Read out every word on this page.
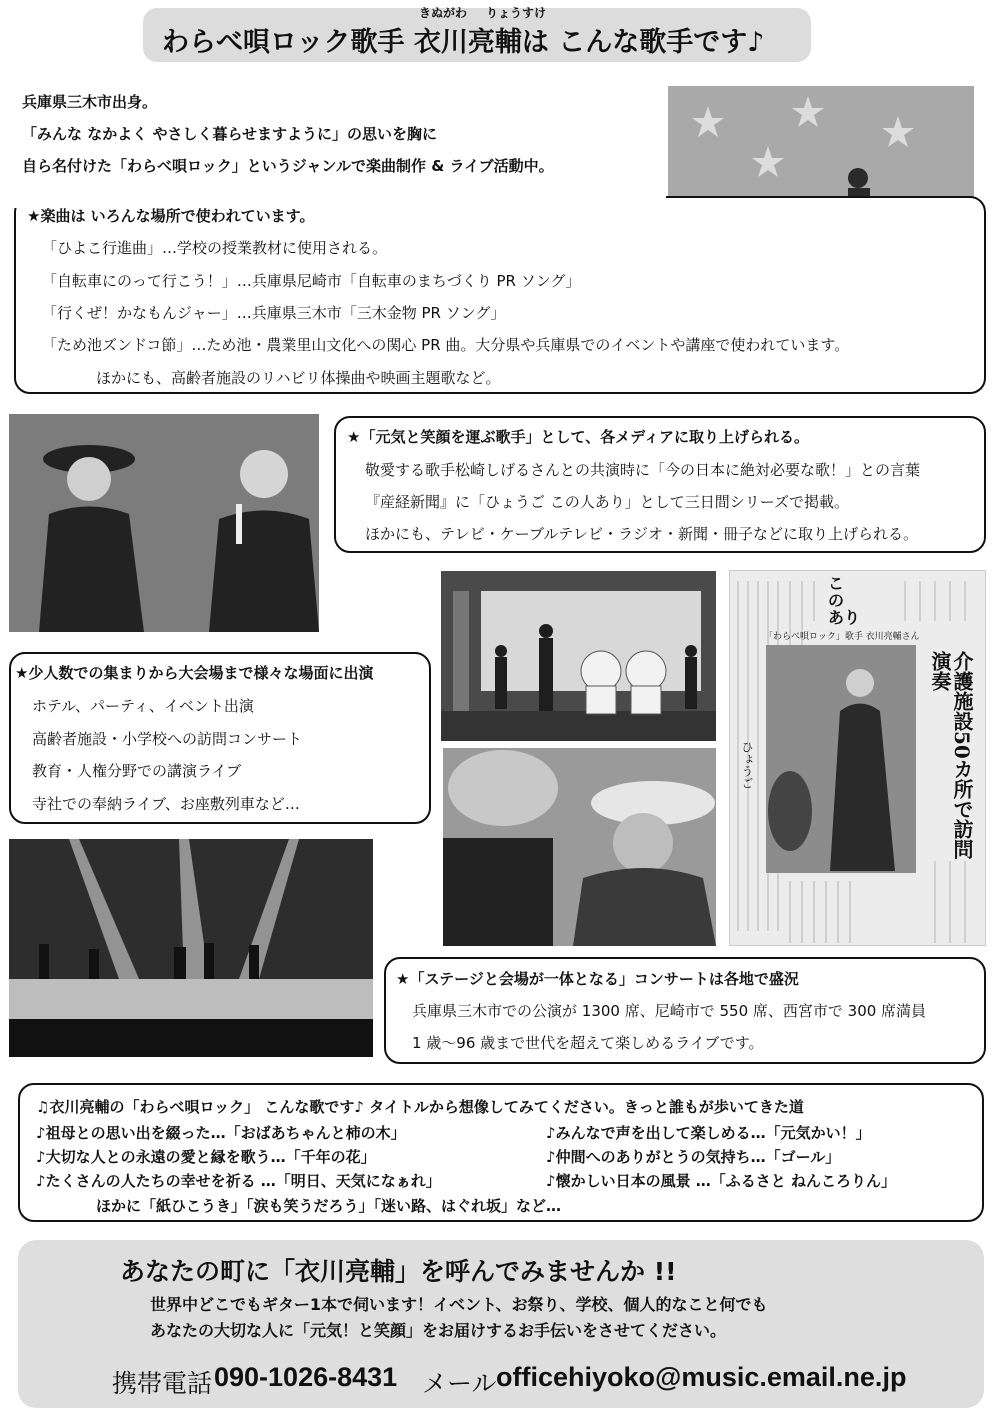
きぬがわ りょうすけ
わらべ唄ロック歌手 衣川亮輔は こんな歌手です♪
兵庫県三木市出身。
「みんな なかよく やさしく暮らせますように」の思いを胸に
自ら名付けた「わらべ唄ロック」というジャンルで楽曲制作 & ライブ活動中。
★楽曲は いろんな場所で使われています。
「ひよこ行進曲」…学校の授業教材に使用される。
「自転車にのって行こう！」…兵庫県尼崎市「自転車のまちづくり PR ソング」
「行くぜ！かなもんジャー」…兵庫県三木市「三木金物 PR ソング」
「ため池ズンドコ節」…ため池・農業里山文化への関心 PR 曲。大分県や兵庫県でのイベントや講座で使われています。
ほかにも、高齢者施設のリハビリ体操曲や映画主題歌など。
★「元気と笑顔を運ぶ歌手」として、各メディアに取り上げられる。
敬愛する歌手松崎しげるさんとの共演時に「今の日本に絶対必要な歌！」との言葉
『産経新聞』に「ひょうご この人あり」として三日間シリーズで掲載。
ほかにも、テレビ・ケーブルテレビ・ラジオ・新聞・冊子などに取り上げられる。
こ
の
あり
「わらべ唄ロック」歌手 衣川亮輔さん
介護施設50カ所で訪問演奏
ひょうご
★少人数での集まりから大会場まで様々な場面に出演
ホテル、パーティ、イベント出演
高齢者施設・小学校への訪問コンサート
教育・人権分野での講演ライブ
寺社での奉納ライブ、お座敷列車など…
★「ステージと会場が一体となる」コンサートは各地で盛況
兵庫県三木市での公演が 1300 席、尼崎市で 550 席、西宮市で 300 席満員
1 歳～96 歳まで世代を超えて楽しめるライブです。
♫衣川亮輔の「わらべ唄ロック」 こんな歌です♪ タイトルから想像してみてください。きっと誰もが歩いてきた道
♪祖母との思い出を綴った…「おばあちゃんと柿の木」
♪大切な人との永遠の愛と縁を歌う…「千年の花」
♪たくさんの人たちの幸せを祈る …「明日、天気になぁれ」
♪みんなで声を出して楽しめる…「元気かい！」
♪仲間へのありがとうの気持ち…「ゴール」
♪懐かしい日本の風景 …「ふるさと ねんころりん」
ほかに「紙ひこうき」「涙も笑うだろう」「迷い路、はぐれ坂」など…
あなたの町に「衣川亮輔」を呼んでみませんか !!
世界中どこでもギター1本で伺います！イベント、お祭り、学校、個人的なこと何でも
あなたの大切な人に「元気！と笑顔」をお届けするお手伝いをさせてください。
携帯電話 090-1026-8431 メール officehiyoko@music.email.ne.jp
